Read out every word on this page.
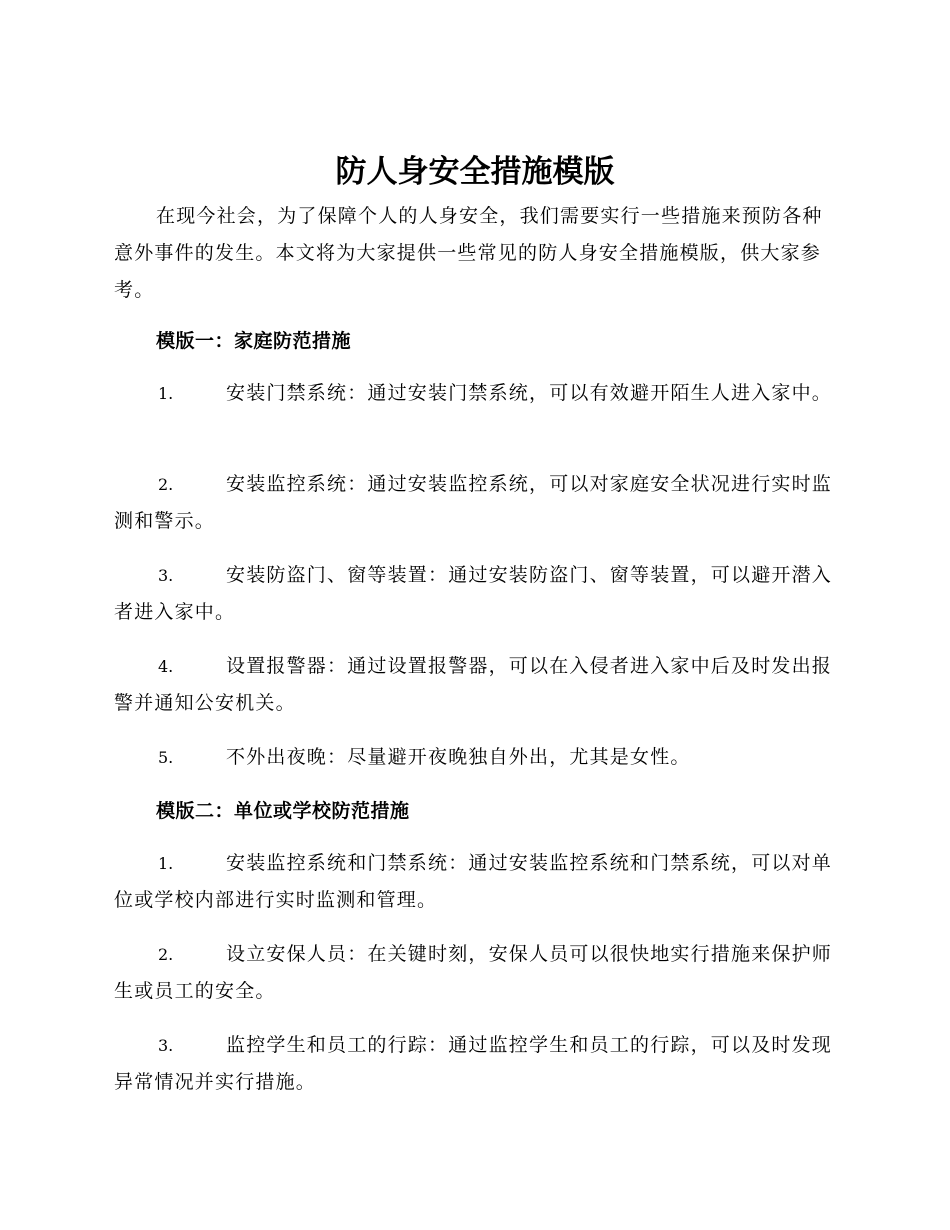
防人身安全措施模版

在现今社会，为了保障个人的人身安全，我们需要实行一些措施来预防各种意外事件的发生。本文将为大家提供一些常见的防人身安全措施模版，供大家参考。

模版一：家庭防范措施

1.	安装门禁系统：通过安装门禁系统，可以有效避开陌生人进入家中。

2.	安装监控系统：通过安装监控系统，可以对家庭安全状况进行实时监测和警示。

3.	安装防盗门、窗等装置：通过安装防盗门、窗等装置，可以避开潜入者进入家中。

4.	设置报警器：通过设置报警器，可以在入侵者进入家中后及时发出报警并通知公安机关。

5.	不外出夜晚：尽量避开夜晚独自外出，尤其是女性。

模版二：单位或学校防范措施

1.	安装监控系统和门禁系统：通过安装监控系统和门禁系统，可以对单位或学校内部进行实时监测和管理。

2.	设立安保人员：在关键时刻，安保人员可以很快地实行措施来保护师生或员工的安全。

3.	监控学生和员工的行踪：通过监控学生和员工的行踪，可以及时发现异常情况并实行措施。
